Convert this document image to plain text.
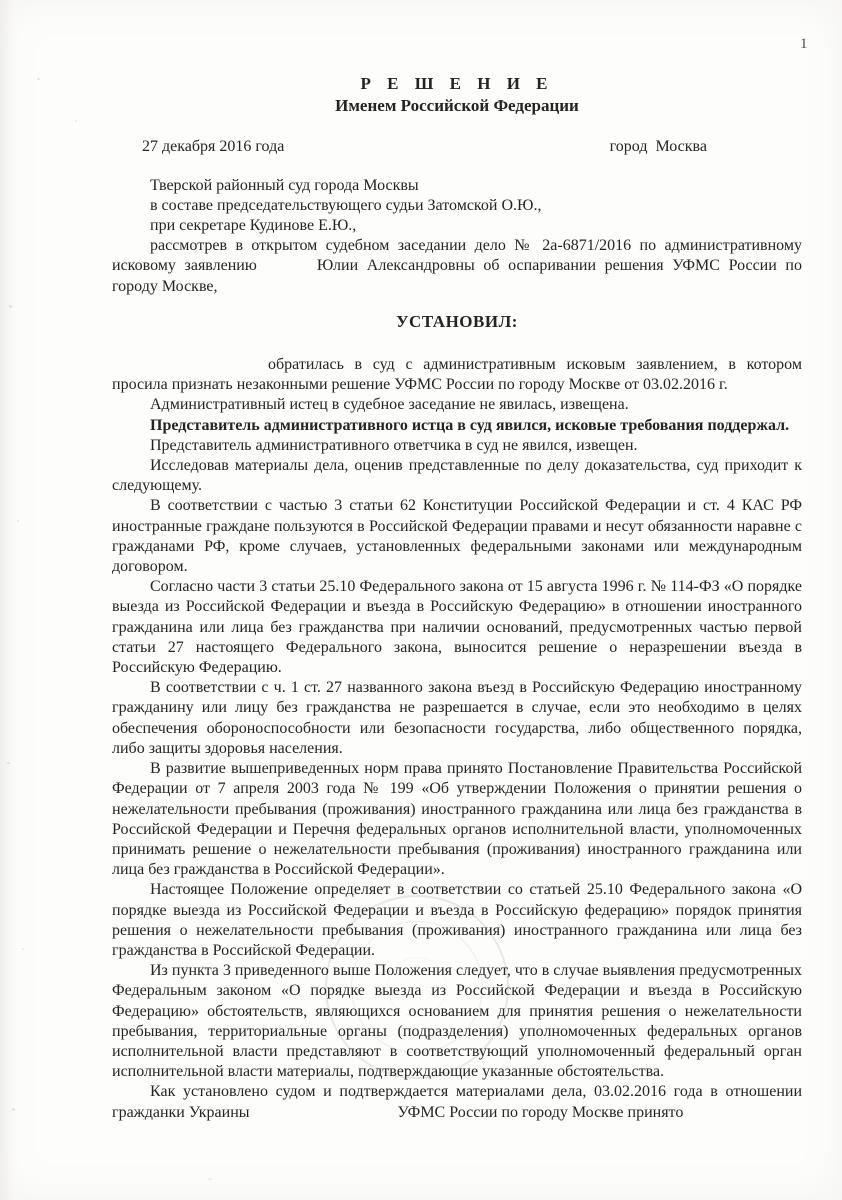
1
Р Е Ш Е Н И Е
Именем Российской Федерации
27 декабря 2016 года	город Москва

Тверской районный суд города Москвы

в составе председательствующего судьи Затомской О.Ю.,

при секретаре Кудинове Е.Ю.,

рассмотрев в открытом судебном заседании дело № 2а-6871/2016 по административному исковому заявлению	Юлии Александровны об оспаривании решения УФМС России по городу Москве,

УСТАНОВИЛ:

обратилась в суд с административным исковым заявлением, в котором просила признать незаконными решение УФМС России по городу Москве от 03.02.2016 г.

Административный истец в судебное заседание не явилась, извещена.

Представитель административного истца в суд явился, исковые требования поддержал.

Представитель административного ответчика в суд не явился, извещен.

Исследовав материалы дела, оценив представленные по делу доказательства, суд приходит к следующему.

В соответствии с частью 3 статьи 62 Конституции Российской Федерации и ст. 4 КАС РФ иностранные граждане пользуются в Российской Федерации правами и несут обязанности наравне с гражданами РФ, кроме случаев, установленных федеральными законами или международным договором.

Согласно части 3 статьи 25.10 Федерального закона от 15 августа 1996 г. № 114-ФЗ «О порядке выезда из Российской Федерации и въезда в Российскую Федерацию» в отношении иностранного гражданина или лица без гражданства при наличии оснований, предусмотренных частью первой статьи 27 настоящего Федерального закона, выносится решение о неразрешении въезда в Российскую Федерацию.

В соответствии с ч. 1 ст. 27 названного закона въезд в Российскую Федерацию иностранному гражданину или лицу без гражданства не разрешается в случае, если это необходимо в целях обеспечения обороноспособности или безопасности государства, либо общественного порядка, либо защиты здоровья населения.

В развитие вышеприведенных норм права принято Постановление Правительства Российской Федерации от 7 апреля 2003 года № 199 «Об утверждении Положения о принятии решения о нежелательности пребывания (проживания) иностранного гражданина или лица без гражданства в Российской Федерации и Перечня федеральных органов исполнительной власти, уполномоченных принимать решение о нежелательности пребывания (проживания) иностранного гражданина или лица без гражданства в Российской Федерации».

Настоящее Положение определяет в соответствии со статьей 25.10 Федерального закона «О порядке выезда из Российской Федерации и въезда в Российскую федерацию» порядок принятия решения о нежелательности пребывания (проживания) иностранного гражданина или лица без гражданства в Российской Федерации.

Из пункта 3 приведенного выше Положения следует, что в случае выявления предусмотренных Федеральным законом «О порядке выезда из Российской Федерации и въезда в Российскую Федерацию» обстоятельств, являющихся основанием для принятия решения о нежелательности пребывания, территориальные органы (подразделения) уполномоченных федеральных органов исполнительной власти представляют в соответствующий уполномоченный федеральный орган исполнительной власти материалы, подтверждающие указанные обстоятельства.

Как установлено судом и подтверждается материалами дела, 03.02.2016 года в отношении гражданки Украины	УФМС России по городу Москве принято
